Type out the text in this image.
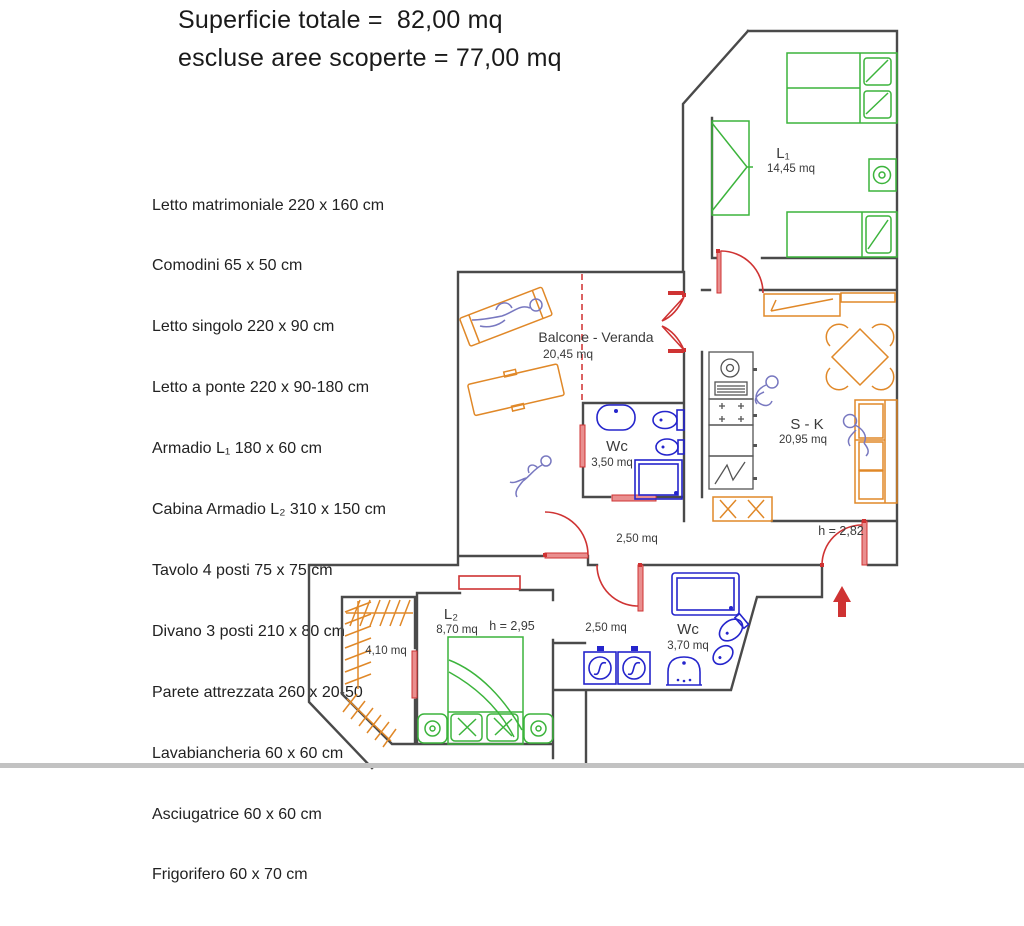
Superficie totale =  82,00 mq
escluse aree scoperte = 77,00 mq

Letto matrimoniale 220 x 160 cm

Comodini 65 x 50 cm

Letto singolo 220 x 90 cm

Letto a ponte 220 x 90-180 cm

Armadio L₁ 180 x 60 cm

Cabina Armadio L₂ 310 x 150 cm

Tavolo 4 posti 75 x 75 cm

Divano 3 posti 210 x 80 cm

Parete attrezzata 260 x 20-50

Lavabiancheria 60 x 60 cm

Asciugatrice 60 x 60 cm

Frigorifero 60 x 70 cm

L₁
14,45 mq
Balcone - Veranda
20,45 mq
Wc
3,50 mq
S - K
20,95 mq
2,50 mq
h = 2,82
2,50 mq	Wc
3,70 mq
L₂
8,70 mq h = 2,95
4,10 mq
